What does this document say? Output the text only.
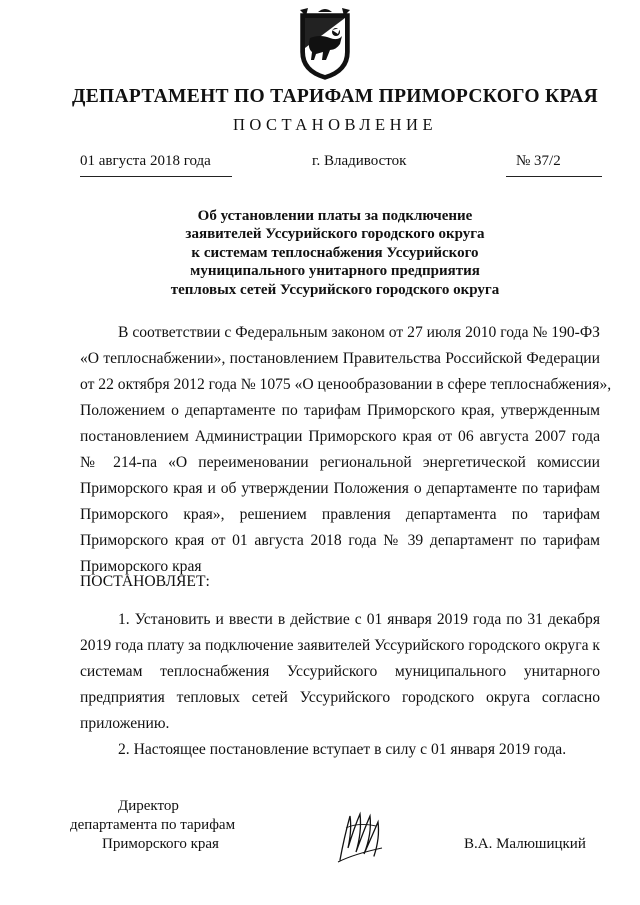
ДЕПАРТАМЕНТ ПО ТАРИФАМ ПРИМОРСКОГО КРАЯ
ПОСТАНОВЛЕНИЕ
01 августа 2018 года	г. Владивосток	№ 37/2
Об установлении платы за подключение
заявителей Уссурийского городского округа
к системам теплоснабжения Уссурийского
муниципального унитарного предприятия
тепловых сетей Уссурийского городского округа
В соответствии с Федеральным законом от 27 июля 2010 года № 190-ФЗ
«О теплоснабжении», постановлением Правительства Российской Федерации
от 22 октября 2012 года № 1075 «О ценообразовании в сфере теплоснабжения»,
Положением о департаменте по тарифам Приморского края, утвержденным
постановлением Администрации Приморского края от 06 августа 2007 года
№ 214-па «О переименовании региональной энергетической комиссии
Приморского края и об утверждении Положения о департаменте по тарифам
Приморского края», решением правления департамента по тарифам
Приморского края от 01 августа 2018 года № 39 департамент по тарифам
Приморского края
ПОСТАНОВЛЯЕТ:
1. Установить и ввести в действие с 01 января 2019 года по 31 декабря
2019 года плату за подключение заявителей Уссурийского городского округа к
системам теплоснабжения Уссурийского муниципального унитарного
предприятия тепловых сетей Уссурийского городского округа согласно
приложению.
2. Настоящее постановление вступает в силу с 01 января 2019 года.
Директор
департамента по тарифам
Приморского края	В.А. Малюшицкий
